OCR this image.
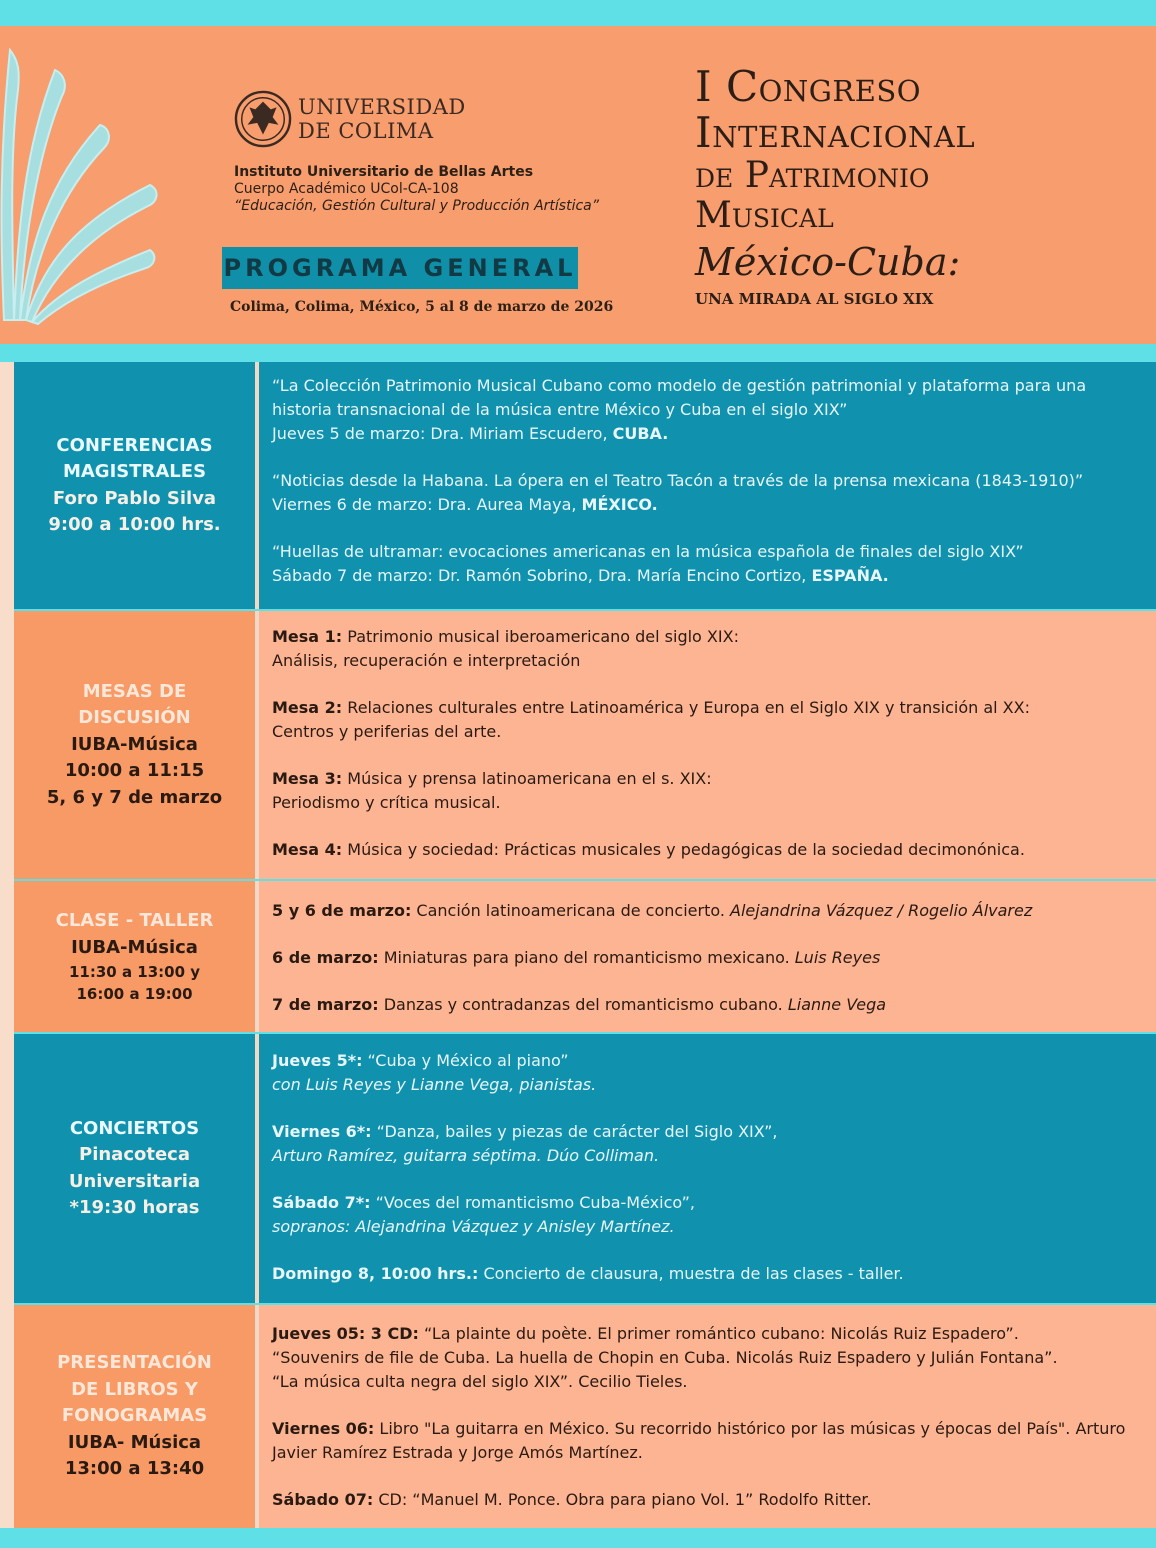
UNIVERSIDAD
DE COLIMA
Instituto Universitario de Bellas Artes
Cuerpo Académico UCol-CA-108
“Educación, Gestión Cultural y Producción Artística”
PROGRAMA GENERAL
Colima, Colima, México, 5 al 8 de marzo de 2026
I Congreso
Internacional
de Patrimonio
Musical
México-Cuba:
UNA MIRADA AL SIGLO XIX
CONFERENCIAS
MAGISTRALES
Foro Pablo Silva
9:00 a 10:00 hrs.

“La Colección Patrimonio Musical Cubano como modelo de gestión patrimonial y plataforma para una historia transnacional de la música entre México y Cuba en el siglo XIX”
Jueves 5 de marzo: Dra. Miriam Escudero, CUBA.

“Noticias desde la Habana. La ópera en el Teatro Tacón a través de la prensa mexicana (1843-1910)”
Viernes 6 de marzo: Dra. Aurea Maya, MÉXICO.

“Huellas de ultramar: evocaciones americanas en la música española de finales del siglo XIX”
Sábado 7 de marzo: Dr. Ramón Sobrino, Dra. María Encino Cortizo, ESPAÑA.

MESAS DE
DISCUSIÓN
IUBA-Música
10:00 a 11:15
5, 6 y 7 de marzo

Mesa 1: Patrimonio musical iberoamericano del siglo XIX:
Análisis, recuperación e interpretación

Mesa 2: Relaciones culturales entre Latinoamérica y Europa en el Siglo XIX y transición al XX:
Centros y periferias del arte.

Mesa 3: Música y prensa latinoamericana en el s. XIX:
Periodismo y crítica musical.

Mesa 4: Música y sociedad: Prácticas musicales y pedagógicas de la sociedad decimonónica.

CLASE - TALLER
IUBA-Música
11:30 a 13:00 y
16:00 a 19:00

5 y 6 de marzo: Canción latinoamericana de concierto. Alejandrina Vázquez / Rogelio Álvarez

6 de marzo: Miniaturas para piano del romanticismo mexicano. Luis Reyes

7 de marzo: Danzas y contradanzas del romanticismo cubano. Lianne Vega

CONCIERTOS
Pinacoteca
Universitaria
*19:30 horas

Jueves 5*: “Cuba y México al piano”
con Luis Reyes y Lianne Vega, pianistas.

Viernes 6*: “Danza, bailes y piezas de carácter del Siglo XIX”,
Arturo Ramírez, guitarra séptima. Dúo Colliman.

Sábado 7*: “Voces del romanticismo Cuba-México”,
sopranos: Alejandrina Vázquez y Anisley Martínez.

Domingo 8, 10:00 hrs.: Concierto de clausura, muestra de las clases - taller.

PRESENTACIÓN
DE LIBROS Y
FONOGRAMAS
IUBA- Música
13:00 a 13:40

Jueves 05: 3 CD: “La plainte du poète. El primer romántico cubano: Nicolás Ruiz Espadero”.
“Souvenirs de file de Cuba. La huella de Chopin en Cuba. Nicolás Ruiz Espadero y Julián Fontana”.
“La música culta negra del siglo XIX”. Cecilio Tieles.

Viernes 06: Libro "La guitarra en México. Su recorrido histórico por las músicas y épocas del País". Arturo Javier Ramírez Estrada y Jorge Amós Martínez.

Sábado 07: CD: “Manuel M. Ponce. Obra para piano Vol. 1” Rodolfo Ritter.
